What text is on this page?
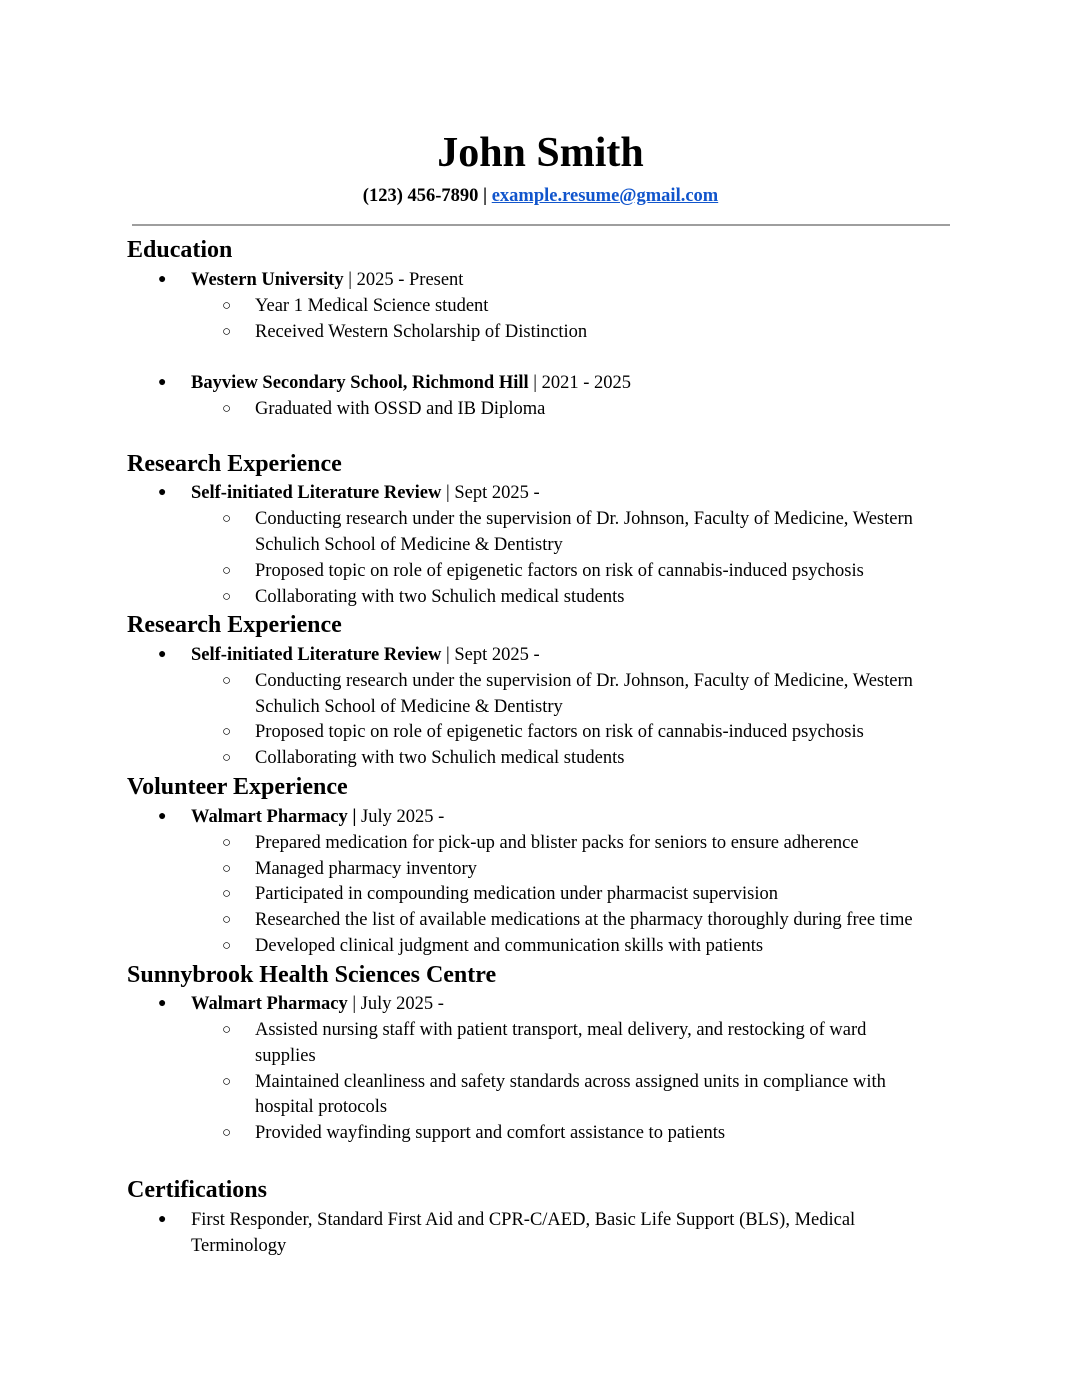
John Smith
(123) 456-7890 | example.resume@gmail.com
Education
● Western University | 2025 - Present
○ Year 1 Medical Science student
○ Received Western Scholarship of Distinction
● Bayview Secondary School, Richmond Hill | 2021 - 2025
○ Graduated with OSSD and IB Diploma
Research Experience
● Self-initiated Literature Review | Sept 2025 -
○ Conducting research under the supervision of Dr. Johnson, Faculty of Medicine, Western
Schulich School of Medicine & Dentistry
○ Proposed topic on role of epigenetic factors on risk of cannabis-induced psychosis
○ Collaborating with two Schulich medical students
Research Experience
● Self-initiated Literature Review | Sept 2025 -
○ Conducting research under the supervision of Dr. Johnson, Faculty of Medicine, Western
Schulich School of Medicine & Dentistry
○ Proposed topic on role of epigenetic factors on risk of cannabis-induced psychosis
○ Collaborating with two Schulich medical students
Volunteer Experience
● Walmart Pharmacy | July 2025 -
○ Prepared medication for pick-up and blister packs for seniors to ensure adherence
○ Managed pharmacy inventory
○ Participated in compounding medication under pharmacist supervision
○ Researched the list of available medications at the pharmacy thoroughly during free time
○ Developed clinical judgment and communication skills with patients
Sunnybrook Health Sciences Centre
● Walmart Pharmacy | July 2025 -
○ Assisted nursing staff with patient transport, meal delivery, and restocking of ward
supplies
○ Maintained cleanliness and safety standards across assigned units in compliance with
hospital protocols
○ Provided wayfinding support and comfort assistance to patients
Certifications
● First Responder, Standard First Aid and CPR-C/AED, Basic Life Support (BLS), Medical
Terminology
